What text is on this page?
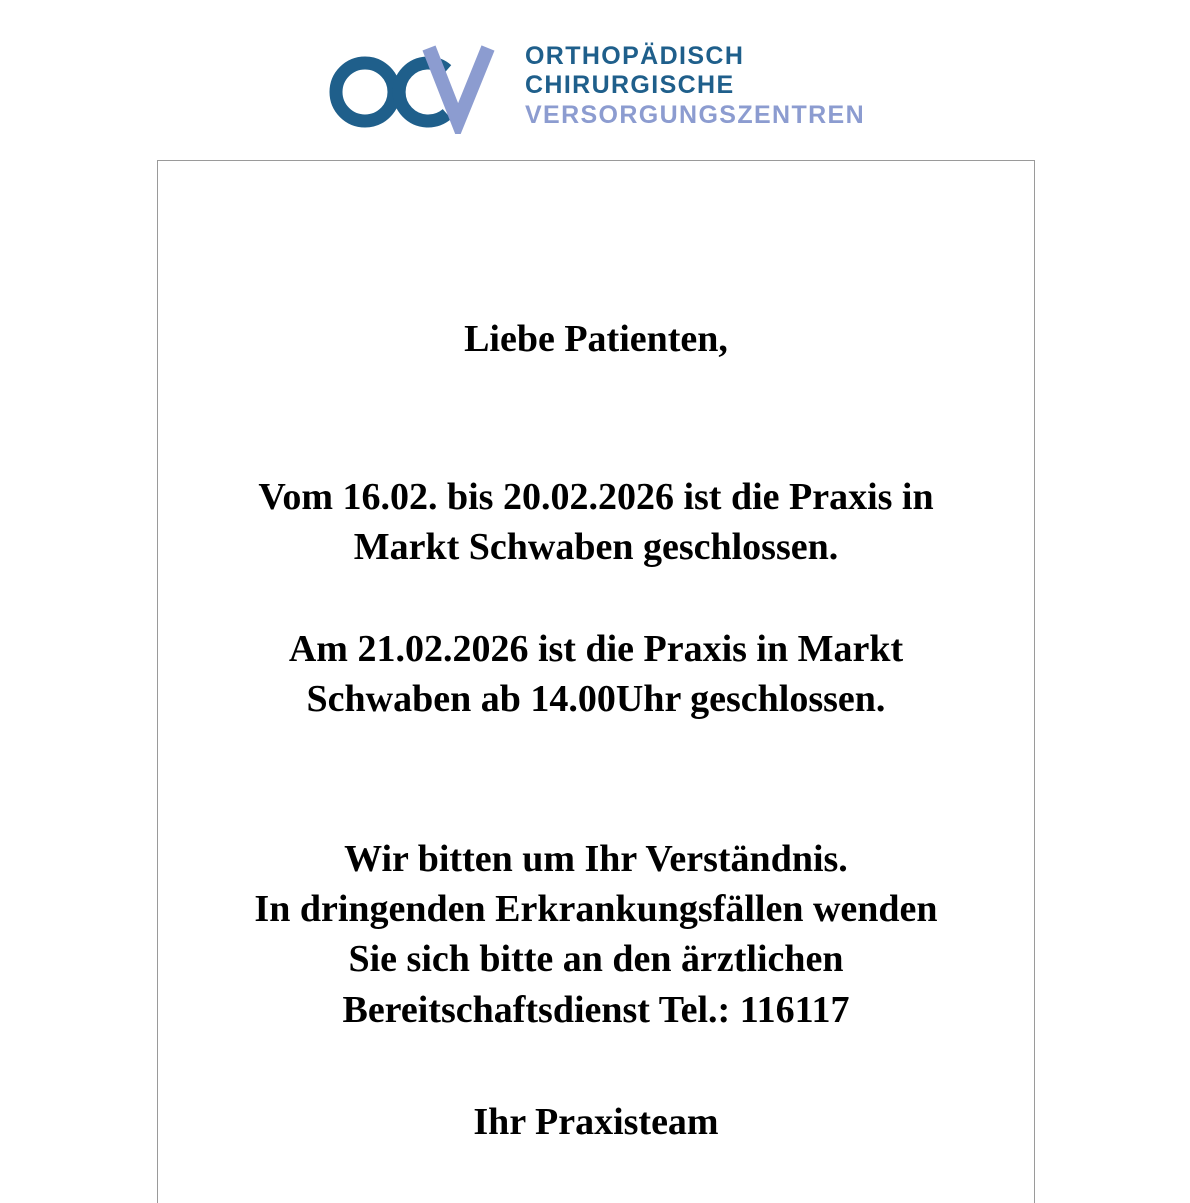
ORTHOPÄDISCH
CHIRURGISCHE
VERSORGUNGSZENTREN
Liebe Patienten,

Vom 16.02. bis 20.02.2026 ist die Praxis in
Markt Schwaben geschlossen.

Am 21.02.2026 ist die Praxis in Markt
Schwaben ab 14.00Uhr geschlossen.

Wir bitten um Ihr Verständnis.
In dringenden Erkrankungsfällen wenden
Sie sich bitte an den ärztlichen
Bereitschaftsdienst Tel.: 116117

Ihr Praxisteam
